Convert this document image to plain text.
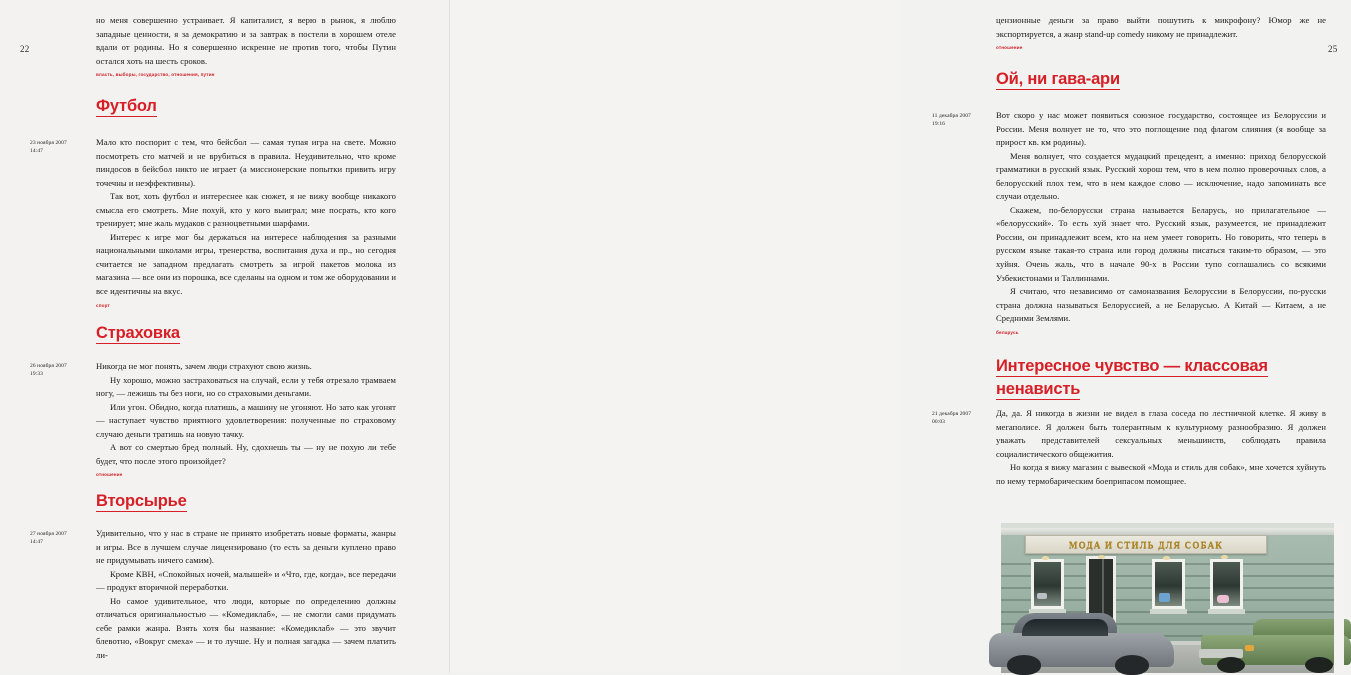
22

но меня совершенно устраивает. Я капиталист, я верю в рынок, я люблю западные ценности, я за демократию и за завтрак в постели в хорошем отеле вдали от родины. Но я совершенно искренне не против того, чтобы Путин остался хоть на шесть сроков.

власть, выборы, государство, отношения, путин
Футбол
23 ноября 2007
14:47

Мало кто поспорит с тем, что бейсбол — самая тупая игра на свете. Можно посмотреть сто матчей и не врубиться в правила. Неудивительно, что кроме пиндосов в бейсбол никто не играет (а миссионерские попытки привить игру точечны и неэффективны).

Так вот, хоть футбол и интереснее как сюжет, я не вижу вообще никакого смысла его смотреть. Мне похуй, кто у кого выиграл; мне посрать, кто кого тренирует; мне жаль мудаков с разноцветными шарфами.

Интерес к игре мог бы держаться на интересе наблюдения за разными национальными школами игры, тренерства, воспитания духа и пр., но сегодня считается не западном предлагать смотреть за игрой пакетов молока из магазина — все они из порошка, все сделаны на одном и том же оборудовании и все идентичны на вкус.

спорт
Страховка
26 ноября 2007
19:33

Никогда не мог понять, зачем люди страхуют свою жизнь.

Ну хорошо, можно застраховаться на случай, если у тебя отрезало трамваем ногу, — лежишь ты без ноги, но со страховыми деньгами.

Или угон. Обидно, когда платишь, а машину не угоняют. Но зато как угонят — наступает чувство приятного удовлетворения: полученные по страховому случаю деньги тратишь на новую тачку.

А вот со смертью бред полный. Ну, сдохнешь ты — ну не похую ли тебе будет, что после этого произойдет?

отношение
Вторсырье
27 ноября 2007
14:47

Удивительно, что у нас в стране не принято изобретать новые форматы, жанры и игры. Все в лучшем случае лицензировано (то есть за деньги куплено право не придумывать ничего самим).

Кроме КВН, «Спокойных ночей, малышей» и «Что, где, когда», все передачи — продукт вторичной переработки.

Но самое удивительное, что люди, которые по определению должны отличаться оригинальностью — «Комедиклаб», — не смогли сами придумать себе рамки жанра. Взять хотя бы название: «Комедиклаб» — это звучит блевотно, «Вокруг смеха» — и то лучше. Ну и полная загадка — зачем платить ли-

25

цензионные деньги за право выйти пошутить к микрофону? Юмор же не экспортируется, а жанр stand-up comedy никому не принадлежит.

отношение
Ой, ни гава-ари
11 декабря 2007
19:16

Вот скоро у нас может появиться союзное государство, состоящее из Белоруссии и России. Меня волнует не то, что это поглощение под флагом слияния (я вообще за прирост кв. км родины).

Меня волнует, что создается мудацкий прецедент, а именно: приход белорусской грамматики в русский язык. Русский хорош тем, что в нем полно проверочных слов, а белорусский плох тем, что в нем каждое слово — исключение, надо запоминать все случаи отдельно.

Скажем, по-белорусски страна называется Беларусь, но прилагательное — «белорусский». То есть хуй знает что. Русский язык, разумеется, не принадлежит России, он принадлежит всем, кто на нем умеет говорить. Но говорить, что теперь в русском языке такая-то страна или город должны писаться таким-то образом, — это хуйня. Очень жаль, что в начале 90-х в России тупо соглашались со всякими Узбекистонами и Таллиннами.

Я считаю, что независимо от самоназвания Белоруссии в Белоруссии, по-русски страна должна называться Белоруссией, а не Беларусью. А Китай — Китаем, а не Средними Землями.

беларусь
Интересное чувство — классовая ненависть
21 декабря 2007
00:03

Да, да. Я никогда в жизни не видел в глаза соседа по лестничной клетке. Я живу в мегаполисе. Я должен быть толерантным к культурному разнообразию. Я должен уважать представителей сексуальных меньшинств, соблюдать правила социалистического общежития.

Но когда я вижу магазин с вывеской «Мода и стиль для собак», мне хочется хуйнуть по нему термобарическим боеприпасом помощнее.

МОДА И СТИЛЬ ДЛЯ СОБАК
